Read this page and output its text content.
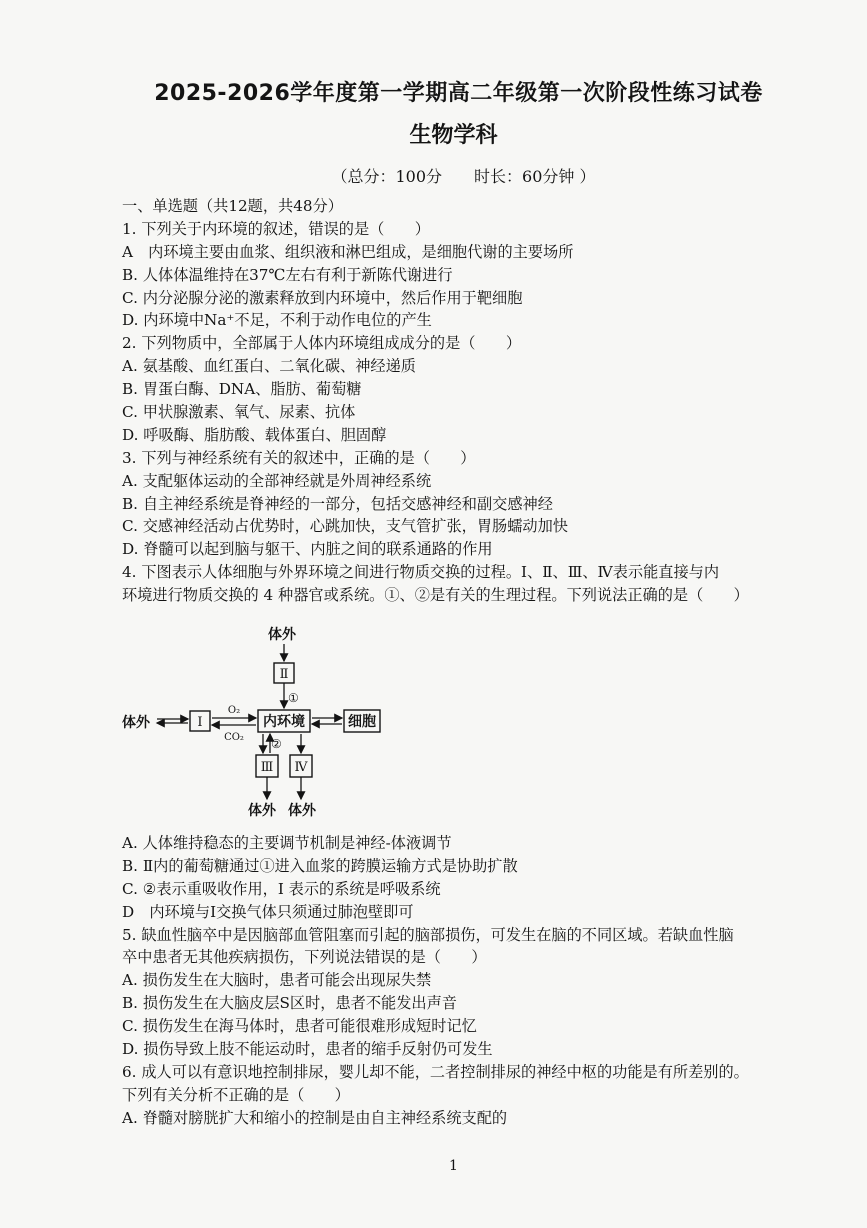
2025-2026学年度第一学期高二年级第一次阶段性练习试卷
生物学科
（总分：100分　　时长：60分钟 ）
一、单选题（共12题，共48分）
1. 下列关于内环境的叙述，错误的是（　　）
A　内环境主要由血浆、组织液和淋巴组成，是细胞代谢的主要场所
B. 人体体温维持在37℃左右有利于新陈代谢进行
C. 内分泌腺分泌的激素释放到内环境中，然后作用于靶细胞
D. 内环境中Na⁺不足，不利于动作电位的产生
2. 下列物质中，全部属于人体内环境组成成分的是（　　）
A. 氨基酸、血红蛋白、二氧化碳、神经递质
B. 胃蛋白酶、DNA、脂肪、葡萄糖
C. 甲状腺激素、氧气、尿素、抗体
D. 呼吸酶、脂肪酸、载体蛋白、胆固醇
3. 下列与神经系统有关的叙述中，正确的是（　　）
A. 支配躯体运动的全部神经就是外周神经系统
B. 自主神经系统是脊神经的一部分，包括交感神经和副交感神经
C. 交感神经活动占优势时，心跳加快，支气管扩张，胃肠蠕动加快
D. 脊髓可以起到脑与躯干、内脏之间的联系通路的作用
4. 下图表示人体细胞与外界环境之间进行物质交换的过程。Ⅰ、Ⅱ、Ⅲ、Ⅳ表示能直接与内
环境进行物质交换的 4 种器官或系统。①、②是有关的生理过程。下列说法正确的是（　　）
体外
体外
体外 体外
Ⅱ
Ⅰ
Ⅲ Ⅳ
内环境	细胞
O₂
CO₂
①
②
A. 人体维持稳态的主要调节机制是神经-体液调节
B. Ⅱ内的葡萄糖通过①进入血浆的跨膜运输方式是协助扩散
C. ②表示重吸收作用，Ⅰ 表示的系统是呼吸系统
D　内环境与Ⅰ交换气体只须通过肺泡壁即可
5. 缺血性脑卒中是因脑部血管阻塞而引起的脑部损伤，可发生在脑的不同区域。若缺血性脑
卒中患者无其他疾病损伤，下列说法错误的是（　　）
A. 损伤发生在大脑时，患者可能会出现尿失禁
B. 损伤发生在大脑皮层S区时，患者不能发出声音
C. 损伤发生在海马体时，患者可能很难形成短时记忆
D. 损伤导致上肢不能运动时，患者的缩手反射仍可发生
6. 成人可以有意识地控制排尿，婴儿却不能，二者控制排尿的神经中枢的功能是有所差别的。
下列有关分析不正确的是（　　）
A. 脊髓对膀胱扩大和缩小的控制是由自主神经系统支配的
1
